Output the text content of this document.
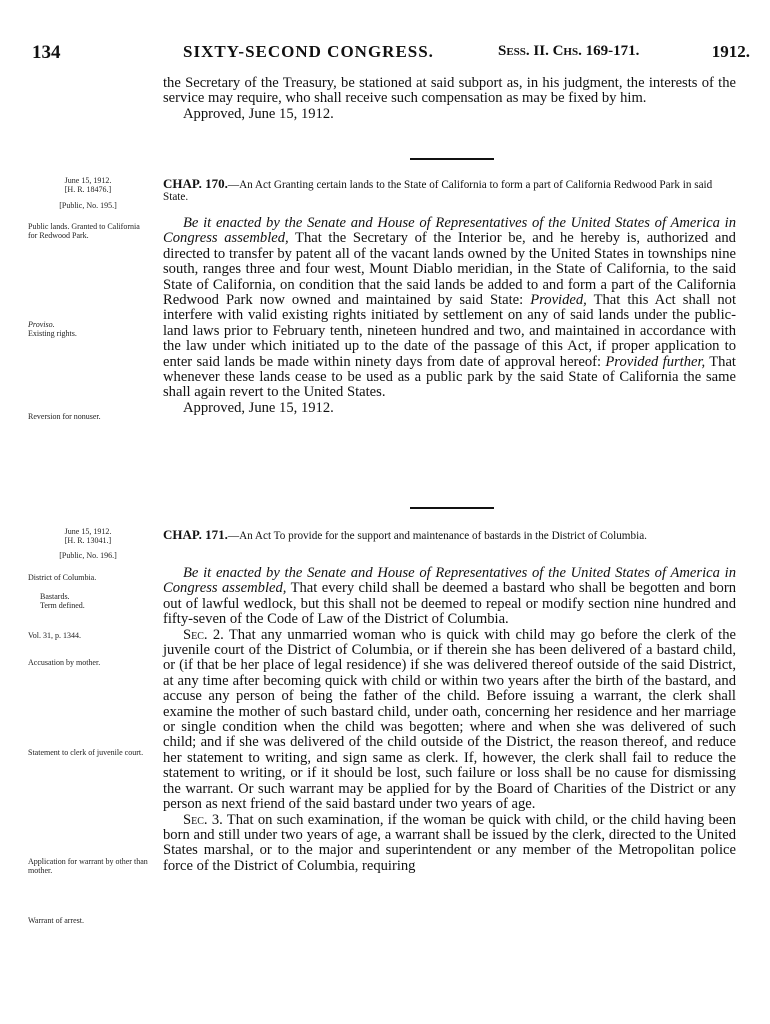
134	SIXTY-SECOND CONGRESS.	Sess. II. Chs. 169-171.	1912.

the Secretary of the Treasury, be stationed at said subport as, in his judgment, the interests of the service may require, who shall receive such compensation as may be fixed by him.

Approved, June 15, 1912.

June 15, 1912.
[H. R. 18476.]
[Public, No. 195.]
CHAP. 170.—An Act Granting certain lands to the State of California to form a part of California Redwood Park in said State.
Public lands. Granted to California for Redwood Park.
Proviso.
Existing rights.
Reversion for nonuser.

Be it enacted by the Senate and House of Representatives of the United States of America in Congress assembled, That the Secretary of the Interior be, and he hereby is, authorized and directed to transfer by patent all of the vacant lands owned by the United States in townships nine south, ranges three and four west, Mount Diablo meridian, in the State of California, to the said State of California, on condition that the said lands be added to and form a part of the California Redwood Park now owned and maintained by said State: Provided, That this Act shall not interfere with valid existing rights initiated by settlement on any of said lands under the public-land laws prior to February tenth, nineteen hundred and two, and maintained in accordance with the law under which initiated up to the date of the passage of this Act, if proper application to enter said lands be made within ninety days from date of approval hereof: Provided further, That whenever these lands cease to be used as a public park by the said State of California the same shall again revert to the United States.

Approved, June 15, 1912.

June 15, 1912.
[H. R. 13041.]
[Public, No. 196.]
CHAP. 171.—An Act To provide for the support and maintenance of bastards in the District of Columbia.
District of Columbia.
Bastards.
Term defined.
Vol. 31, p. 1344.
Accusation by mother.
Statement to clerk of juvenile court.
Application for warrant by other than mother.
Warrant of arrest.

Be it enacted by the Senate and House of Representatives of the United States of America in Congress assembled, That every child shall be deemed a bastard who shall be begotten and born out of lawful wedlock, but this shall not be deemed to repeal or modify section nine hundred and fifty-seven of the Code of Law of the District of Columbia.

Sec. 2. That any unmarried woman who is quick with child may go before the clerk of the juvenile court of the District of Columbia, or if therein she has been delivered of a bastard child, or (if that be her place of legal residence) if she was delivered thereof outside of the said District, at any time after becoming quick with child or within two years after the birth of the bastard, and accuse any person of being the father of the child. Before issuing a warrant, the clerk shall examine the mother of such bastard child, under oath, concerning her residence and her marriage or single condition when the child was begotten; where and when she was delivered of such child; and if she was delivered of the child outside of the District, the reason thereof, and reduce her statement to writing, and sign same as clerk. If, however, the clerk shall fail to reduce the statement to writing, or if it should be lost, such failure or loss shall be no cause for dismissing the warrant. Or such warrant may be applied for by the Board of Charities of the District or any person as next friend of the said bastard under two years of age.

Sec. 3. That on such examination, if the woman be quick with child, or the child having been born and still under two years of age, a warrant shall be issued by the clerk, directed to the United States marshal, or to the major and superintendent or any member of the Metropolitan police force of the District of Columbia, requiring
